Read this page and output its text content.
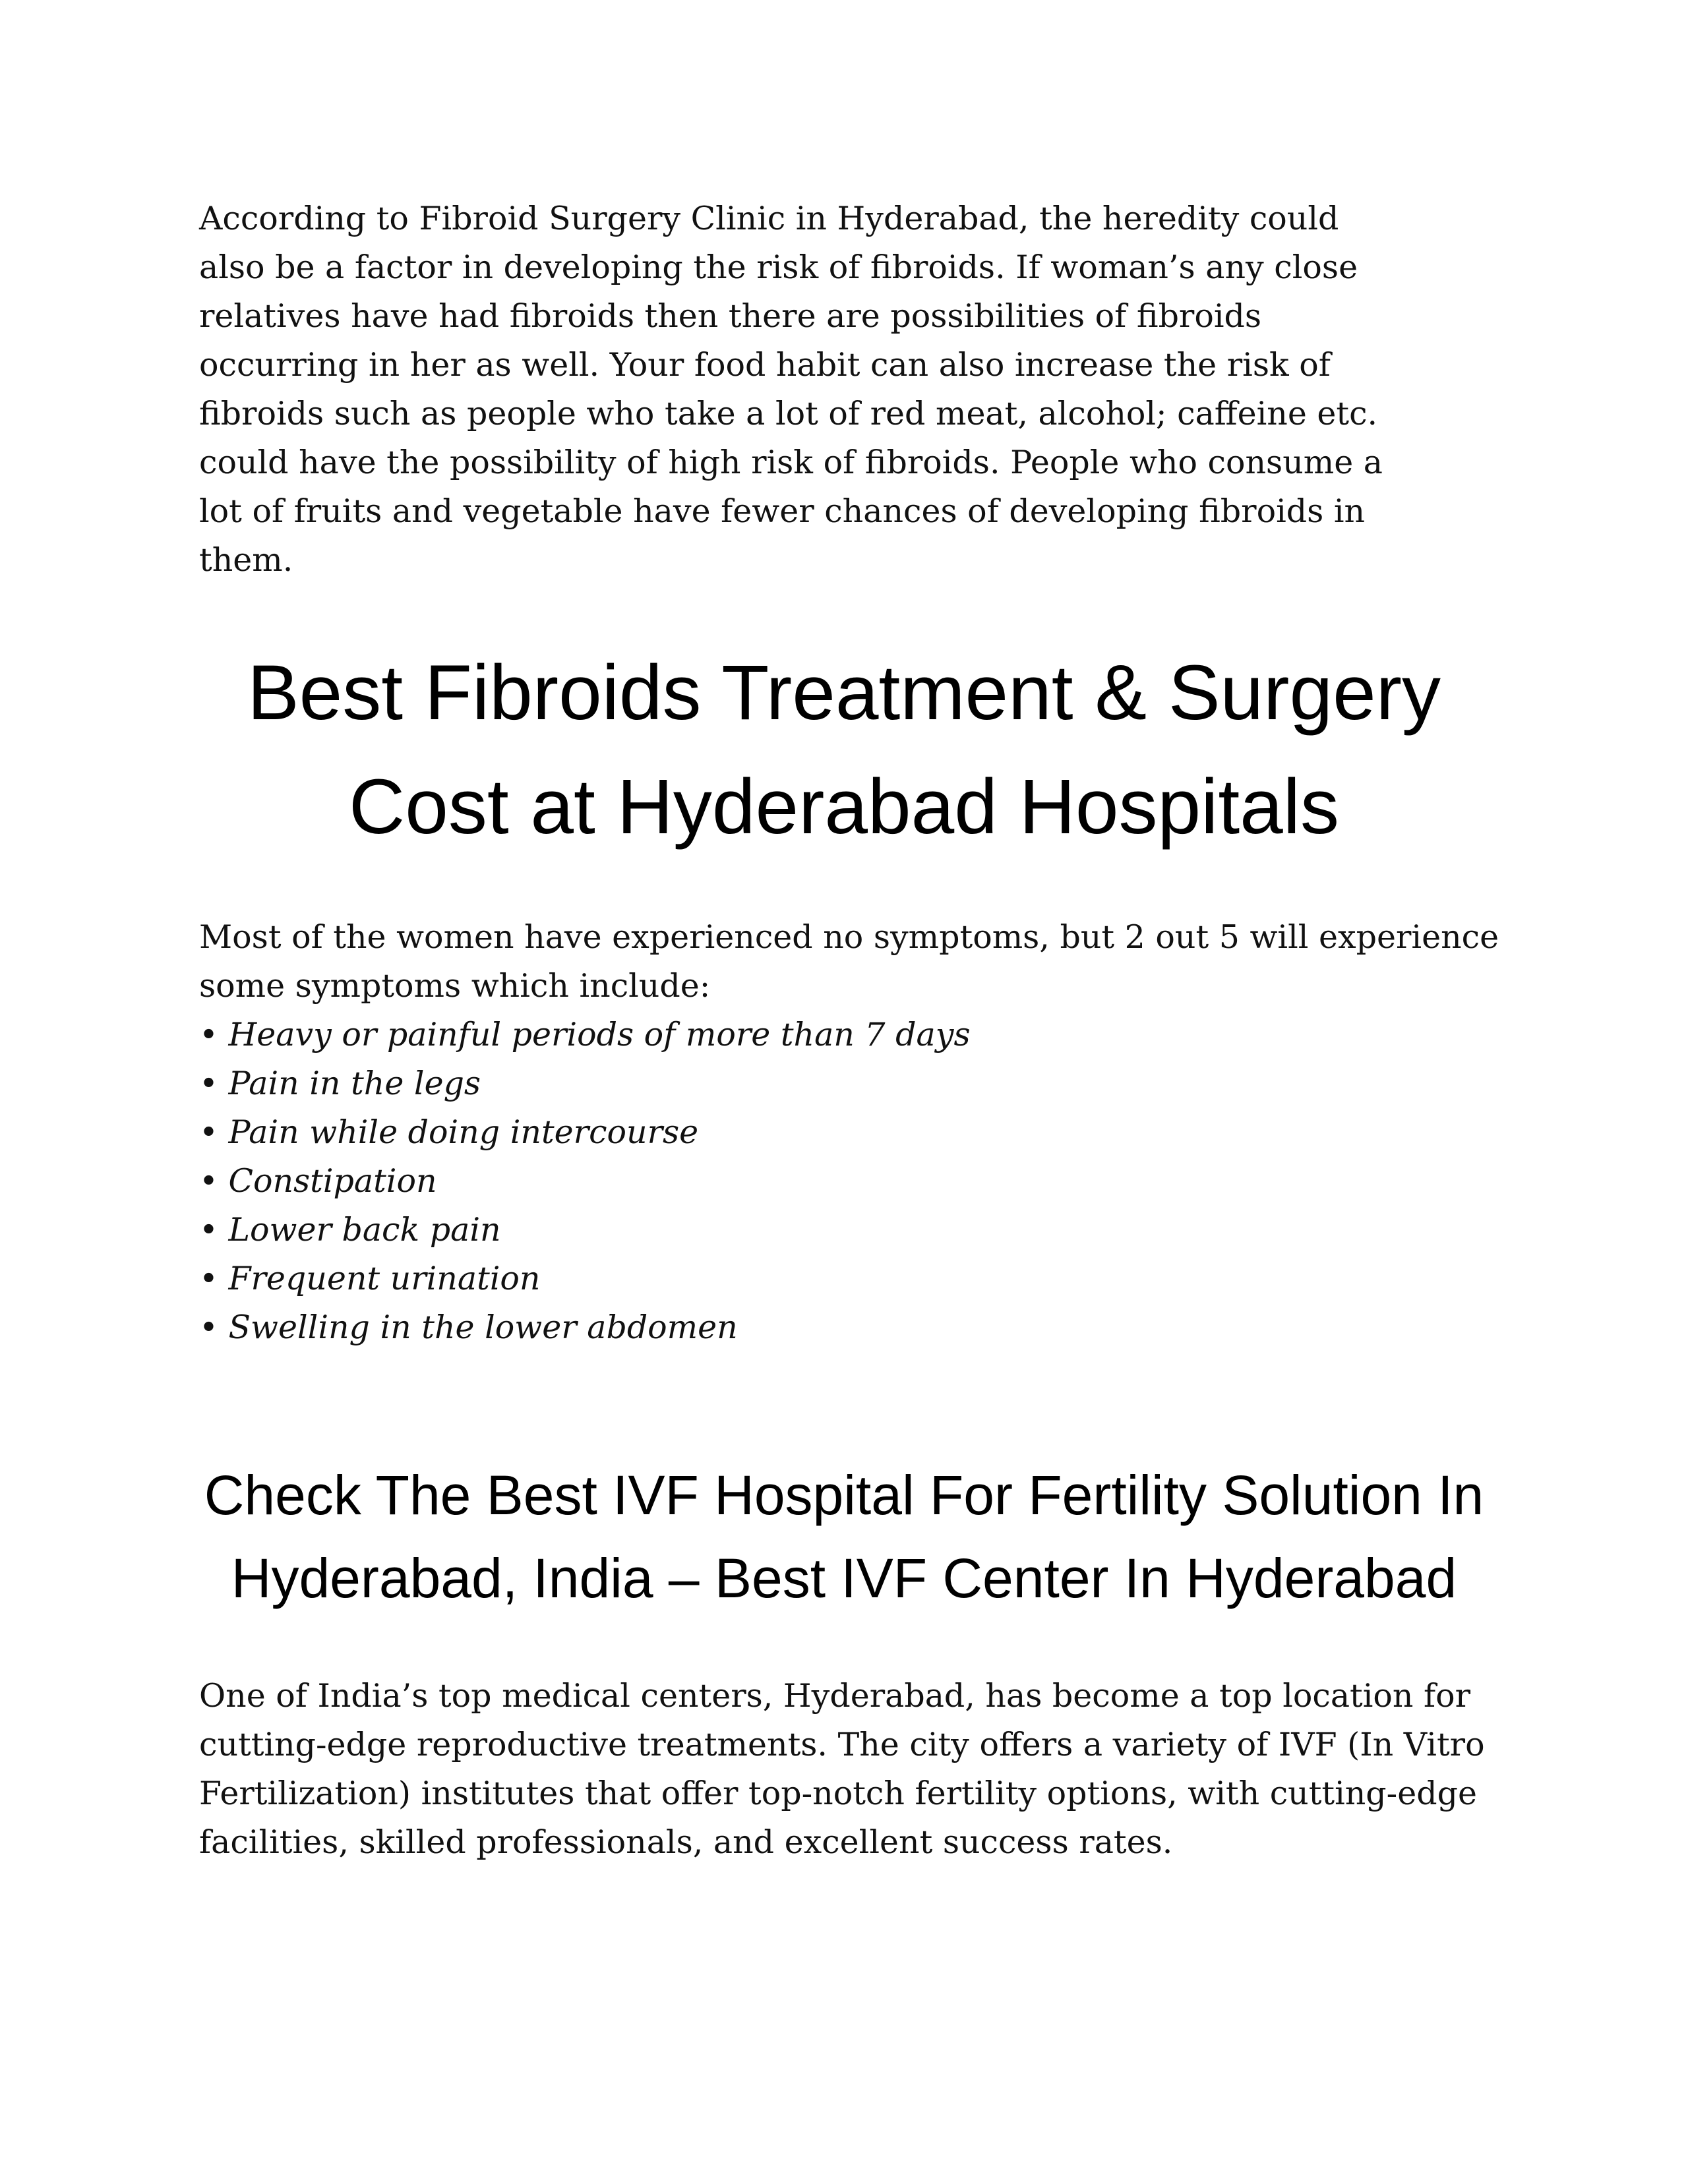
According to Fibroid Surgery Clinic in Hyderabad, the heredity could
also be a factor in developing the risk of fibroids. If woman’s any close
relatives have had fibroids then there are possibilities of fibroids
occurring in her as well. Your food habit can also increase the risk of
fibroids such as people who take a lot of red meat, alcohol; caffeine etc.
could have the possibility of high risk of fibroids. People who consume a
lot of fruits and vegetable have fewer chances of developing fibroids in
them.
Best Fibroids Treatment & Surgery
Cost at Hyderabad Hospitals
Most of the women have experienced no symptoms, but 2 out 5 will experience
some symptoms which include:
• Heavy or painful periods of more than 7 days
• Pain in the legs
• Pain while doing intercourse
• Constipation
• Lower back pain
• Frequent urination
• Swelling in the lower abdomen
Check The Best IVF Hospital For Fertility Solution In
Hyderabad, India – Best IVF Center In Hyderabad
One of India’s top medical centers, Hyderabad, has become a top location for
cutting-edge reproductive treatments. The city offers a variety of IVF (In Vitro
Fertilization) institutes that offer top-notch fertility options, with cutting-edge
facilities, skilled professionals, and excellent success rates.
